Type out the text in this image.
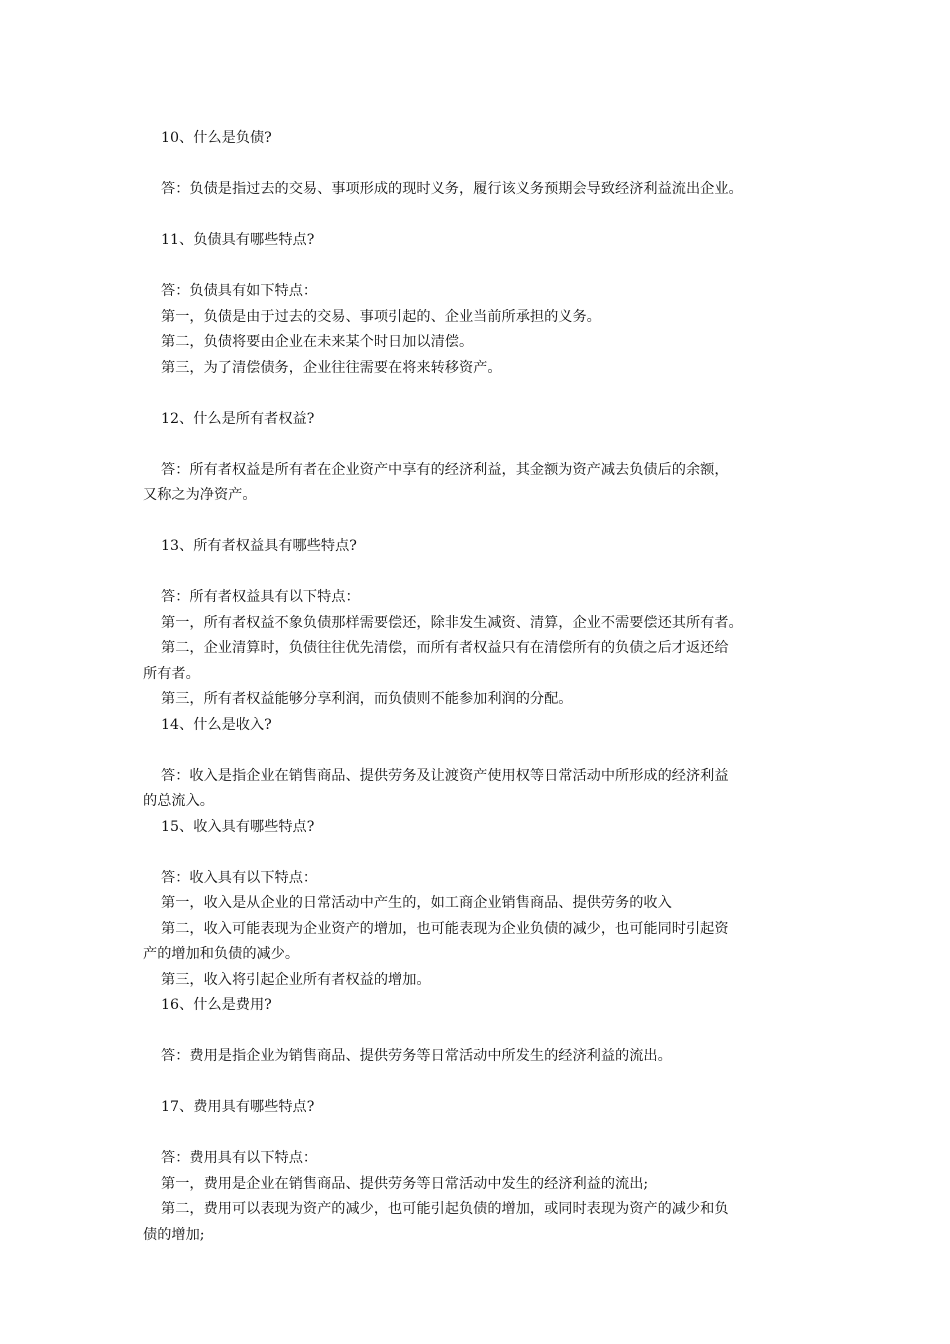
10、什么是负债?
答：负债是指过去的交易、事项形成的现时义务，履行该义务预期会导致经济利益流出企业。
11、负债具有哪些特点?
答：负债具有如下特点：
第一，负债是由于过去的交易、事项引起的、企业当前所承担的义务。
第二，负债将要由企业在未来某个时日加以清偿。
第三，为了清偿债务，企业往往需要在将来转移资产。
12、什么是所有者权益?
答：所有者权益是所有者在企业资产中享有的经济利益，其金额为资产减去负债后的余额，
又称之为净资产。
13、所有者权益具有哪些特点?
答：所有者权益具有以下特点：
第一，所有者权益不象负债那样需要偿还，除非发生减资、清算，企业不需要偿还其所有者。
第二，企业清算时，负债往往优先清偿，而所有者权益只有在清偿所有的负债之后才返还给
所有者。
第三，所有者权益能够分享利润，而负债则不能参加利润的分配。
14、什么是收入?
答：收入是指企业在销售商品、提供劳务及让渡资产使用权等日常活动中所形成的经济利益
的总流入。
15、收入具有哪些特点?
答：收入具有以下特点：
第一，收入是从企业的日常活动中产生的，如工商企业销售商品、提供劳务的收入
第二，收入可能表现为企业资产的增加，也可能表现为企业负债的减少，也可能同时引起资
产的增加和负债的减少。
第三，收入将引起企业所有者权益的增加。
16、什么是费用?
答：费用是指企业为销售商品、提供劳务等日常活动中所发生的经济利益的流出。
17、费用具有哪些特点?
答：费用具有以下特点：
第一，费用是企业在销售商品、提供劳务等日常活动中发生的经济利益的流出;
第二，费用可以表现为资产的减少，也可能引起负债的增加，或同时表现为资产的减少和负
债的增加;
